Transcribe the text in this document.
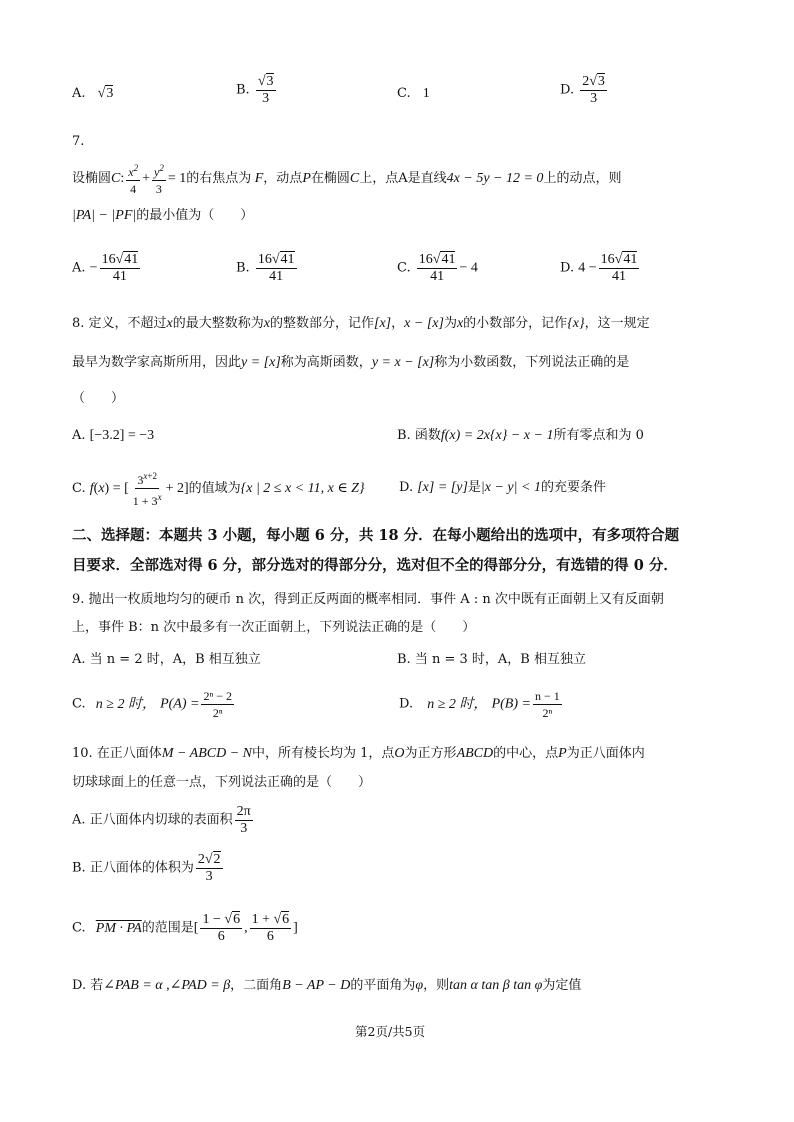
A. √3	B. $\frac{√3}{3}$	C. 1	D. $\frac{2√3}{3}$
7.
设椭圆C: $\frac{x^2}{4} + \frac{y^2}{3} = 1$的右焦点为 F，动点P在椭圆C上，点A是直线4x − 5y − 12 = 0上的动点，则
|PA| − |PF|的最小值为（　　）
A. − $\frac{16√41}{41}$	B. $\frac{16√41}{41}$	C. $\frac{16√41}{41} - 4$	D. $4 - \frac{16√41}{41}$
8. 定义，不超过x的最大整数称为x的整数部分，记作[x]，x − [x]为x的小数部分，记作{x}，这一规定
最早为数学家高斯所用，因此y = [x]称为高斯函数，y = x − [x]称为小数函数，下列说法正确的是
（　　）
A. [−3.2] = −3	B. 函数f(x) = 2x{x} − x − 1所有零点和为 0
C. f(x) = [ $\frac{3^{x+2}}{1 + 3^x} + 2$]的值域为{x | 2 ≤ x < 11, x ∈ Z}	D. [x] = [y]是|x − y| < 1的充要条件
二、选择题：本题共 3 小题，每小题 6 分，共 18 分．在每小题给出的选项中，有多项符合题
目要求．全部选对得 6 分，部分选对的得部分分，选对但不全的得部分分，有选错的得 0 分．
9. 抛出一枚质地均匀的硬币 n 次，得到正反两面的概率相同．事件 A : n 次中既有正面朝上又有反面朝
上，事件 B：n 次中最多有一次正面朝上，下列说法正确的是（　　）
A. 当 n = 2 时，A，B 相互独立	B. 当 n = 3 时，A，B 相互独立
C. n ≥ 2 时， $P(A) = \frac{\text{2ⁿ − 2}}{\text{2ⁿ}}$	D. n ≥ 2 时， $P(B) = \frac{n - 1}{\text{2ⁿ}}$
10. 在正八面体M − ABCD − N中，所有棱长均为 1，点O为正方形ABCD的中心，点P为正八面体内
切球球面上的任意一点，下列说法正确的是（　　）
A. 正八面体内切球的表面积 $\frac{2\pi}{3}$
B. 正八面体的体积为 $\frac{2√2}{3}$
C. PM · PA的范围是[ $\frac{1 - √6}{6}$ , $\frac{1 + √6}{6}$ ]
D. 若∠PAB = α ,∠PAD = β，二面角B − AP − D的平面角为φ，则tan α tan β tan φ为定值
第2页/共5页
